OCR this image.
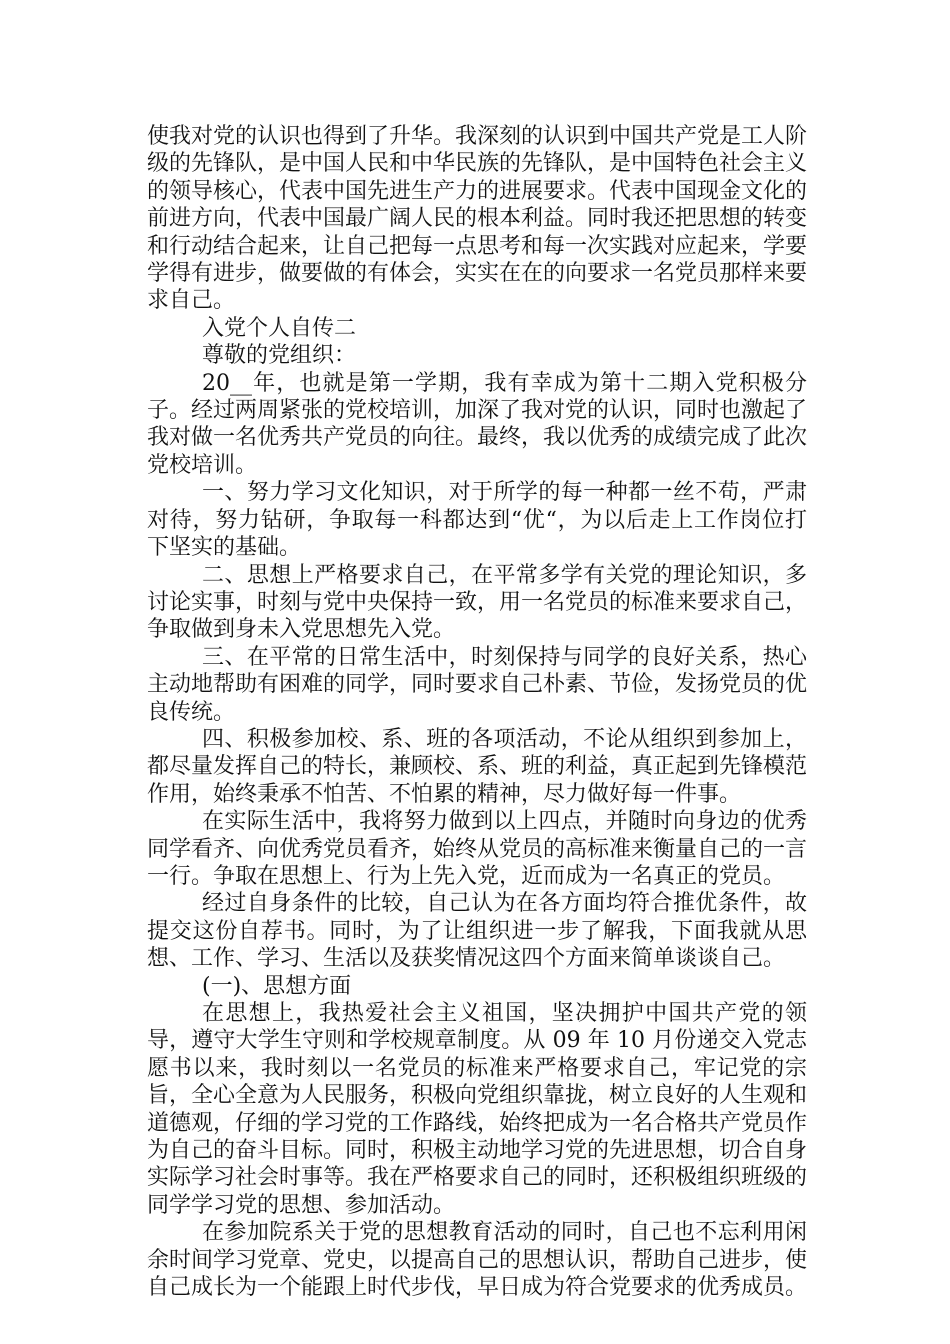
使我对党的认识也得到了升华。我深刻的认识到中国共产党是工人阶级的先锋队，是中国人民和中华民族的先锋队，是中国特色社会主义的领导核心，代表中国先进生产力的进展要求。代表中国现金文化的前进方向，代表中国最广阔人民的根本利益。同时我还把思想的转变和行动结合起来，让自己把每一点思考和每一次实践对应起来，学要学得有进步，做要做的有体会，实实在在的向要求一名党员那样来要求自己。

入党个人自传二

尊敬的党组织：

20__年，也就是第一学期，我有幸成为第十二期入党积极分子。经过两周紧张的党校培训，加深了我对党的认识，同时也激起了我对做一名优秀共产党员的向往。最终，我以优秀的成绩完成了此次党校培训。

一、努力学习文化知识，对于所学的每一种都一丝不苟，严肃对待，努力钻研，争取每一科都达到“优“，为以后走上工作岗位打下坚实的基础。

二、思想上严格要求自己，在平常多学有关党的理论知识，多讨论实事，时刻与党中央保持一致，用一名党员的标准来要求自己，争取做到身未入党思想先入党。

三、在平常的日常生活中，时刻保持与同学的良好关系，热心主动地帮助有困难的同学，同时要求自己朴素、节俭，发扬党员的优良传统。

四、积极参加校、系、班的各项活动，不论从组织到参加上，都尽量发挥自己的特长，兼顾校、系、班的利益，真正起到先锋模范作用，始终秉承不怕苦、不怕累的精神，尽力做好每一件事。

在实际生活中，我将努力做到以上四点，并随时向身边的优秀同学看齐、向优秀党员看齐，始终从党员的高标准来衡量自己的一言一行。争取在思想上、行为上先入党，近而成为一名真正的党员。

经过自身条件的比较，自己认为在各方面均符合推优条件，故提交这份自荐书。同时，为了让组织进一步了解我，下面我就从思想、工作、学习、生活以及获奖情况这四个方面来简单谈谈自己。

(一)、思想方面

在思想上，我热爱社会主义祖国，坚决拥护中国共产党的领导，遵守大学生守则和学校规章制度。从 09 年 10 月份递交入党志愿书以来，我时刻以一名党员的标准来严格要求自己，牢记党的宗旨，全心全意为人民服务，积极向党组织靠拢，树立良好的人生观和道德观，仔细的学习党的工作路线，始终把成为一名合格共产党员作为自己的奋斗目标。同时，积极主动地学习党的先进思想，切合自身实际学习社会时事等。我在严格要求自己的同时，还积极组织班级的同学学习党的思想、参加活动。

在参加院系关于党的思想教育活动的同时，自己也不忘利用闲余时间学习党章、党史，以提高自己的思想认识，帮助自己进步，使自己成长为一个能跟上时代步伐，早日成为符合党要求的优秀成员。
